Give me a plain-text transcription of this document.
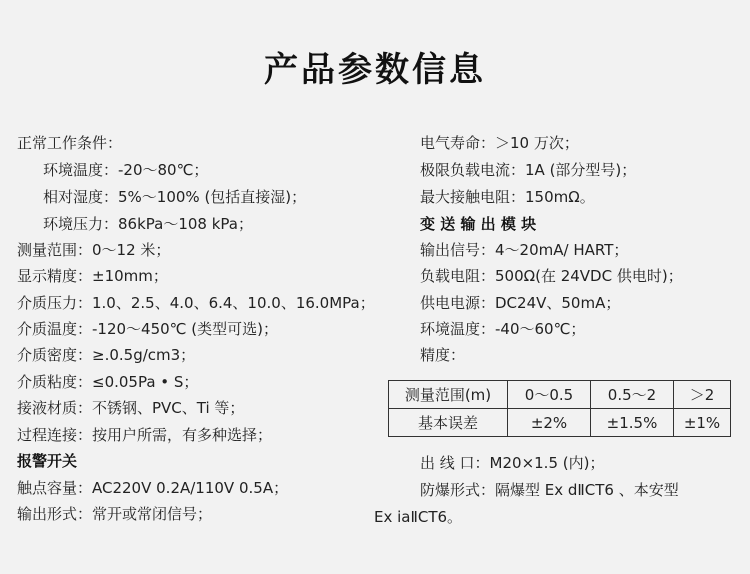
产品参数信息
正常工作条件：
环境温度：-20～80℃；
相对湿度：5%～100% (包括直接湿)；
环境压力：86kPa～108 kPa；
测量范围：0～12 米；
显示精度：±10mm；
介质压力：1.0、2.5、4.0、6.4、10.0、16.0MPa；
介质温度：-120～450℃ (类型可选)；
介质密度：≥.0.5g/cm3；
介质粘度：≤0.05Pa • S；
接液材质：不锈钢、PVC、Ti 等；
过程连接：按用户所需，有多种选择；
报警开关
触点容量：AC220V 0.2A/110V 0.5A；
输出形式：常开或常闭信号；
电气寿命：＞10 万次；
极限负载电流：1A (部分型号)；
最大接触电阻：150mΩ。
变 送 输 出 模 块
输出信号：4～20mA/ HART；
负载电阻：500Ω(在 24VDC 供电时)；
供电电源：DC24V、50mA；
环境温度：-40～60℃；
精度：
测量范围(m)	0～0.5	0.5～2	＞2
基本误差	±2%	±1.5%	±1%
出 线 口：M20×1.5 (内)；
防爆形式：隔爆型 Ex dⅡCT6 、本安型
Ex iaⅡCT6。
